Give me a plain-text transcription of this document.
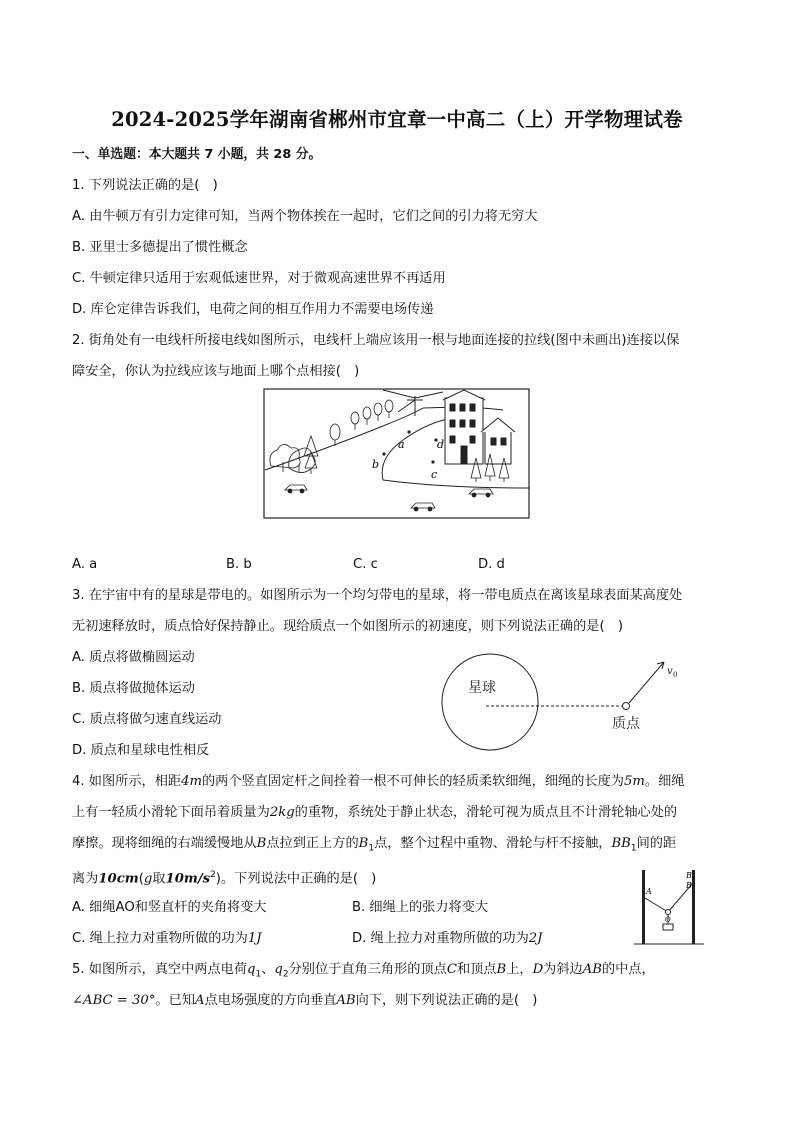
2024-2025学年湖南省郴州市宜章一中高二（上）开学物理试卷
一、单选题：本大题共 7 小题，共 28 分。
1. 下列说法正确的是(　)
A. 由牛顿万有引力定律可知，当两个物体挨在一起时，它们之间的引力将无穷大
B. 亚里士多德提出了惯性概念
C. 牛顿定律只适用于宏观低速世界，对于微观高速世界不再适用
D. 库仑定律告诉我们，电荷之间的相互作用力不需要电场传递
2. 街角处有一电线杆所接电线如图所示，电线杆上端应该用一根与地面连接的拉线(图中未画出)连接以保
障安全，你认为拉线应该与地面上哪个点相接(　)
a
b
c
d
A. a	B. b	C. c	D. d
3. 在宇宙中有的星球是带电的。如图所示为一个均匀带电的星球，将一带电质点在离该星球表面某高度处
无初速释放时，质点恰好保持静止。现给质点一个如图所示的初速度，则下列说法正确的是(　)
A. 质点将做椭圆运动
B. 质点将做抛体运动
C. 质点将做匀速直线运动
D. 质点和星球电性相反
星球
v 0
质点
4. 如图所示，相距4m的两个竖直固定杆之间拴着一根不可伸长的轻质柔软细绳，细绳的长度为5m。细绳
上有一轻质小滑轮下面吊着质量为2kg的重物，系统处于静止状态，滑轮可视为质点且不计滑轮轴心处的
摩擦。现将细绳的右端缓慢地从B点拉到正上方的$B_1$点，整个过程中重物、滑轮与杆不接触，$BB_1$间的距
离为10cm(g取$10m/s^2$)。下列说法中正确的是(　)
A. 细绳AO和竖直杆的夹角将变大	B. 细绳上的张力将变大
C. 绳上拉力对重物所做的功为1J	D. 绳上拉力对重物所做的功为2J
A
B
B 1
O
5. 如图所示，真空中两点电荷$q_1$、$q_2$分别位于直角三角形的顶点C和顶点B上，D为斜边AB的中点，
∠ABC = 30°。已知A点电场强度的方向垂直AB向下，则下列说法正确的是(　)
